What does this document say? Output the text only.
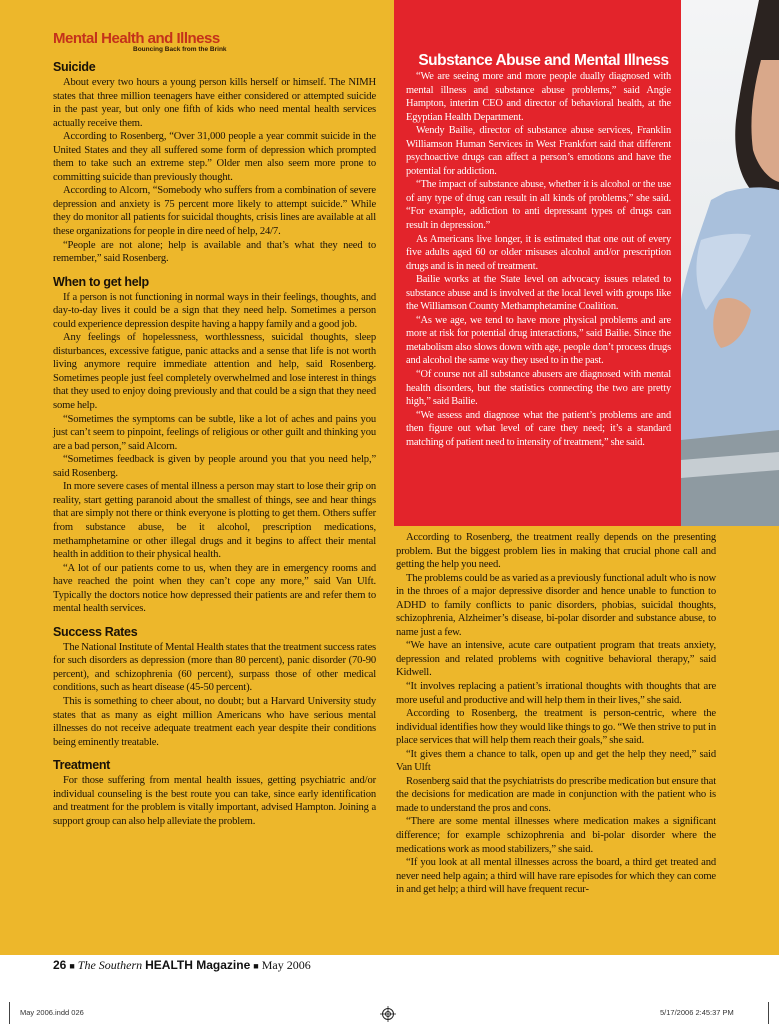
Mental Health and Illness
Bouncing Back from the Brink
Suicide

About every two hours a young person kills herself or himself. The NIMH states that three million teenagers have either considered or attempted suicide in the past year, but only one fifth of kids who need mental health services actually receive them.

According to Rosenberg, “Over 31,000 people a year commit suicide in the United States and they all suffered some form of depression which prompted them to take such an extreme step.” Older men also seem more prone to committing suicide than previously thought.

According to Alcorn, “Somebody who suffers from a combination of severe depression and anxiety is 75 percent more likely to attempt suicide.” While they do monitor all patients for suicidal thoughts, crisis lines are available at all these organizations for people in dire need of help, 24/7.

“People are not alone; help is available and that’s what they need to remember,” said Rosenberg.

When to get help

If a person is not functioning in normal ways in their feelings, thoughts, and day-to-day lives it could be a sign that they need help. Sometimes a person could experience depression despite having a happy family and a good job.

Any feelings of hopelessness, worthlessness, suicidal thoughts, sleep disturbances, excessive fatigue, panic attacks and a sense that life is not worth living anymore require immediate attention and help, said Rosenberg. Sometimes people just feel completely overwhelmed and lose interest in things that they used to enjoy doing previously and that could be a sign that they need some help.

“Sometimes the symptoms can be subtle, like a lot of aches and pains you just can’t seem to pinpoint, feelings of religious or other guilt and thinking you are a bad person,” said Alcorn.

“Sometimes feedback is given by people around you that you need help,” said Rosenberg.

In more severe cases of mental illness a person may start to lose their grip on reality, start getting paranoid about the smallest of things, see and hear things that are simply not there or think everyone is plotting to get them. Others suffer from substance abuse, be it alcohol, prescription medications, methamphetamine or other illegal drugs and it begins to affect their mental health in addition to their physical health.

“A lot of our patients come to us, when they are in emergency rooms and have reached the point when they can’t cope any more,” said Van Ulft. Typically the doctors notice how depressed their patients are and refer them to mental health services.

Success Rates

The National Institute of Mental Health states that the treatment success rates for such disorders as depression (more than 80 percent), panic disorder (70-90 percent), and schizophrenia (60 percent), surpass those of other medical conditions, such as heart disease (45-50 percent).

This is something to cheer about, no doubt; but a Harvard University study states that as many as eight million Americans who have serious mental illnesses do not receive adequate treatment each year despite their conditions being eminently treatable.

Treatment

For those suffering from mental health issues, getting psychiatric and/or individual counseling is the best route you can take, since early identification and treatment for the problem is vitally important, advised Hampton. Joining a support group can also help alleviate the problem.

Substance Abuse and Mental Illness

“We are seeing more and more people dually diagnosed with mental illness and substance abuse problems,” said Angie Hampton, interim CEO and director of behavioral health, at the Egyptian Health Department.

Wendy Bailie, director of substance abuse services, Franklin Williamson Human Services in West Frankfort said that different psychoactive drugs can affect a person’s emotions and have the potential for addiction.

“The impact of substance abuse, whether it is alcohol or the use of any type of drug can result in all kinds of problems,” she said. “For example, addiction to anti depressant types of drugs can result in depression.”

As Americans live longer, it is estimated that one out of every five adults aged 60 or older misuses alcohol and/or prescription drugs and is in need of treatment.

Bailie works at the State level on advocacy issues related to substance abuse and is involved at the local level with groups like the Williamson County Methamphetamine Coalition.

“As we age, we tend to have more physical problems and are more at risk for potential drug interactions,” said Bailie. Since the metabolism also slows down with age, people don’t process drugs and alcohol the same way they used to in the past.

“Of course not all substance abusers are diagnosed with mental health disorders, but the statistics connecting the two are pretty high,” said Bailie.

“We assess and diagnose what the patient’s problems are and then figure out what level of care they need; it’s a standard matching of patient need to intensity of treatment,” she said.

According to Rosenberg, the treatment really depends on the presenting problem. But the biggest problem lies in making that crucial phone call and getting the help you need.

The problems could be as varied as a previously functional adult who is now in the throes of a major depressive disorder and hence unable to function to ADHD to family conflicts to panic disorders, phobias, suicidal thoughts, schizophrenia, Alzheimer’s disease, bi-polar disorder and substance abuse, to name just a few.

“We have an intensive, acute care outpatient program that treats anxiety, depression and related problems with cognitive behavioral therapy,” said Kidwell.

“It involves replacing a patient’s irrational thoughts with thoughts that are more useful and productive and will help them in their lives,” she said.

According to Rosenberg, the treatment is person-centric, where the individual identifies how they would like things to go. “We then strive to put in place services that will help them reach their goals,” she said.

“It gives them a chance to talk, open up and get the help they need,” said Van Ulft

Rosenberg said that the psychiatrists do prescribe medication but ensure that the decisions for medication are made in conjunction with the patient who is made to understand the pros and cons.

“There are some mental illnesses where medication makes a significant difference; for example schizophrenia and bi-polar disorder where the medications work as mood stabilizers,” she said.

“If you look at all mental illnesses across the board, a third get treated and never need help again; a third will have rare episodes for which they can come in and get help; a third will have frequent recur-

26 ■ The Southern HEALTH Magazine ■ May 2006
May 2006.indd 026	5/17/2006 2:45:37 PM
